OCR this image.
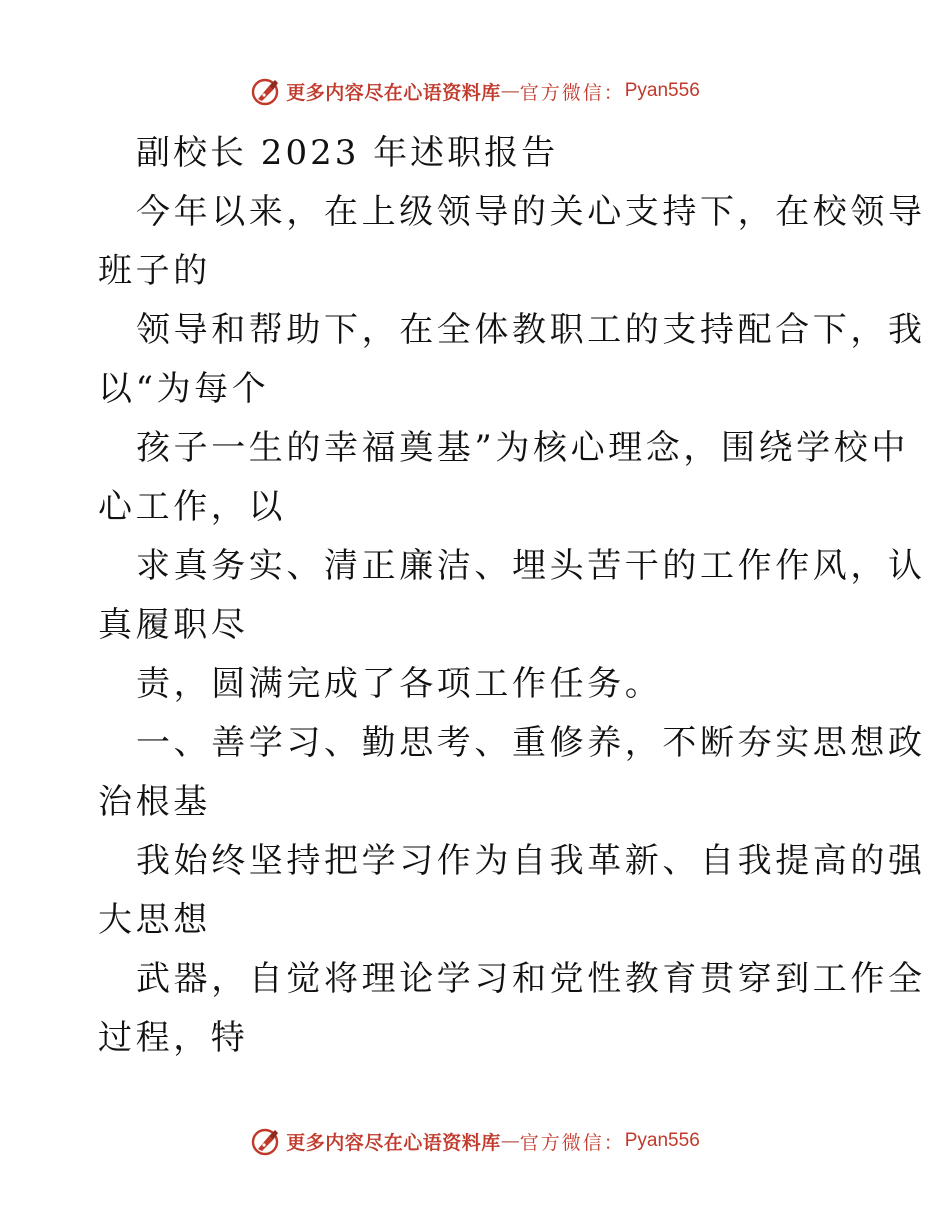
更多内容尽在心语资料库 — 官方微信： Pyan556
副校长 2023 年述职报告
今年以来，在上级领导的关心支持下，在校领导
班子的
领导和帮助下，在全体教职工的支持配合下，我
以“为每个
孩子一生的幸福奠基”为核心理念，围绕学校中
心工作，以
求真务实、清正廉洁、埋头苦干的工作作风，认
真履职尽
责，圆满完成了各项工作任务。
一、善学习、勤思考、重修养，不断夯实思想政
治根基
我始终坚持把学习作为自我革新、自我提高的强
大思想
武器，自觉将理论学习和党性教育贯穿到工作全
过程，特
更多内容尽在心语资料库 — 官方微信： Pyan556
